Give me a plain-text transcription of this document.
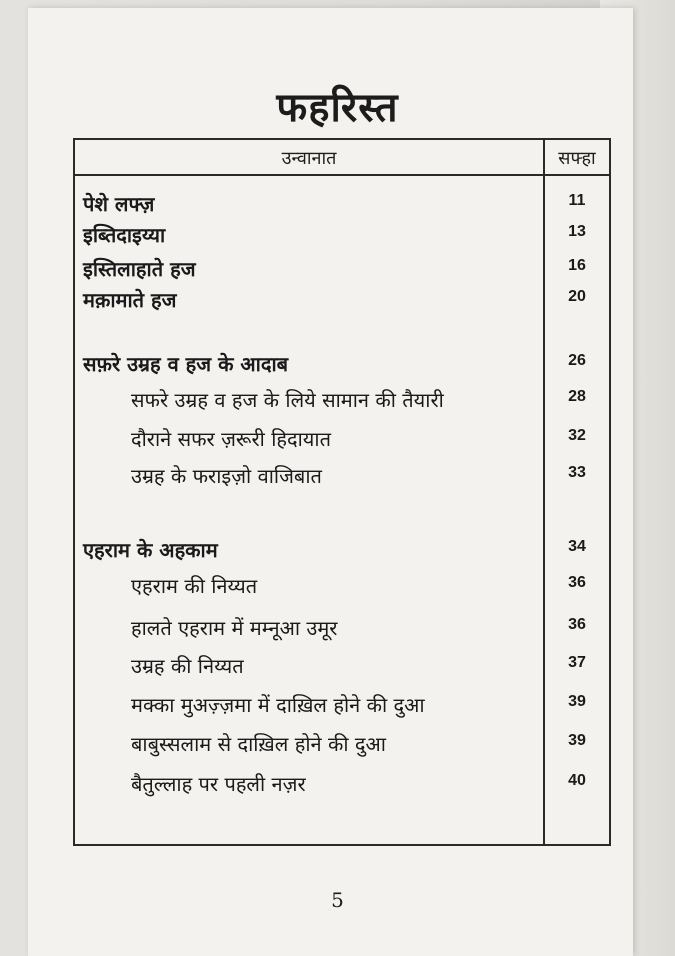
फहरिस्त
उन्वानात	सफ्हा
पेशे लफ्ज़	11
इब्तिदाइय्या	13
इस्तिलाहाते हज	16
मक़ामाते हज	20
सफ़रे उम्रह व हज के आदाब	26
सफरे उम्रह व हज के लिये सामान की तैयारी	28
दौराने सफर ज़रूरी हिदायात	32
उम्रह के फराइज़ो वाजिबात	33
एहराम के अहकाम	34
एहराम की निय्यत	36
हालते एहराम में मम्नूआ उमूर	36
उम्रह की निय्यत	37
मक्का मुअज़्ज़मा में दाख़िल होने की दुआ	39
बाबुस्सलाम से दाख़िल होने की दुआ	39
बैतुल्लाह पर पहली नज़र	40
5
